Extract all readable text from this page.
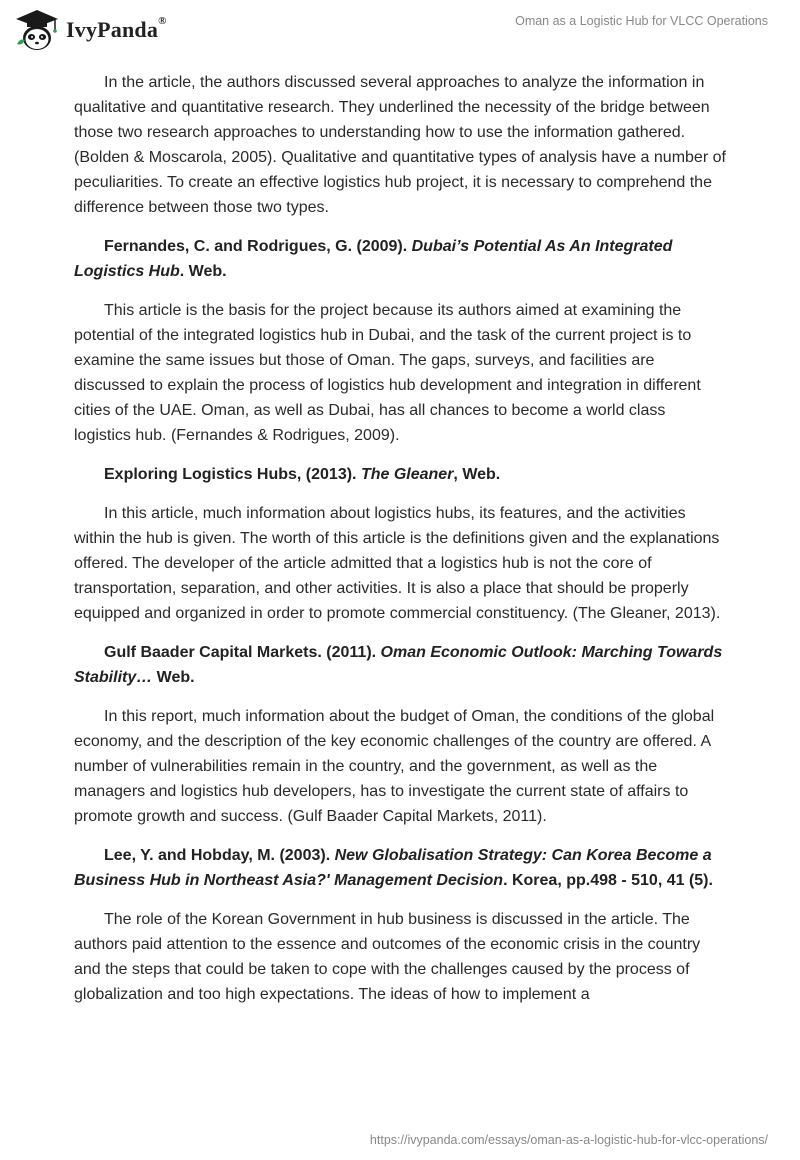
IvyPanda®	Oman as a Logistic Hub for VLCC Operations

In the article, the authors discussed several approaches to analyze the information in qualitative and quantitative research. They underlined the necessity of the bridge between those two research approaches to understanding how to use the information gathered. (Bolden & Moscarola, 2005). Qualitative and quantitative types of analysis have a number of peculiarities. To create an effective logistics hub project, it is necessary to comprehend the difference between those two types.

Fernandes, C. and Rodrigues, G. (2009). Dubai’s Potential As An Integrated Logistics Hub. Web.

This article is the basis for the project because its authors aimed at examining the potential of the integrated logistics hub in Dubai, and the task of the current project is to examine the same issues but those of Oman. The gaps, surveys, and facilities are discussed to explain the process of logistics hub development and integration in different cities of the UAE. Oman, as well as Dubai, has all chances to become a world class logistics hub. (Fernandes & Rodrigues, 2009).

Exploring Logistics Hubs, (2013). The Gleaner, Web.

In this article, much information about logistics hubs, its features, and the activities within the hub is given. The worth of this article is the definitions given and the explanations offered. The developer of the article admitted that a logistics hub is not the core of transportation, separation, and other activities. It is also a place that should be properly equipped and organized in order to promote commercial constituency. (The Gleaner, 2013).

Gulf Baader Capital Markets. (2011). Oman Economic Outlook: Marching Towards Stability… Web.

In this report, much information about the budget of Oman, the conditions of the global economy, and the description of the key economic challenges of the country are offered. A number of vulnerabilities remain in the country, and the government, as well as the managers and logistics hub developers, has to investigate the current state of affairs to promote growth and success. (Gulf Baader Capital Markets, 2011).

Lee, Y. and Hobday, M. (2003). New Globalisation Strategy: Can Korea Become a Business Hub in Northeast Asia?' Management Decision. Korea, pp.498 - 510, 41 (5).

The role of the Korean Government in hub business is discussed in the article. The authors paid attention to the essence and outcomes of the economic crisis in the country and the steps that could be taken to cope with the challenges caused by the process of globalization and too high expectations. The ideas of how to implement a

https://ivypanda.com/essays/oman-as-a-logistic-hub-for-vlcc-operations/
